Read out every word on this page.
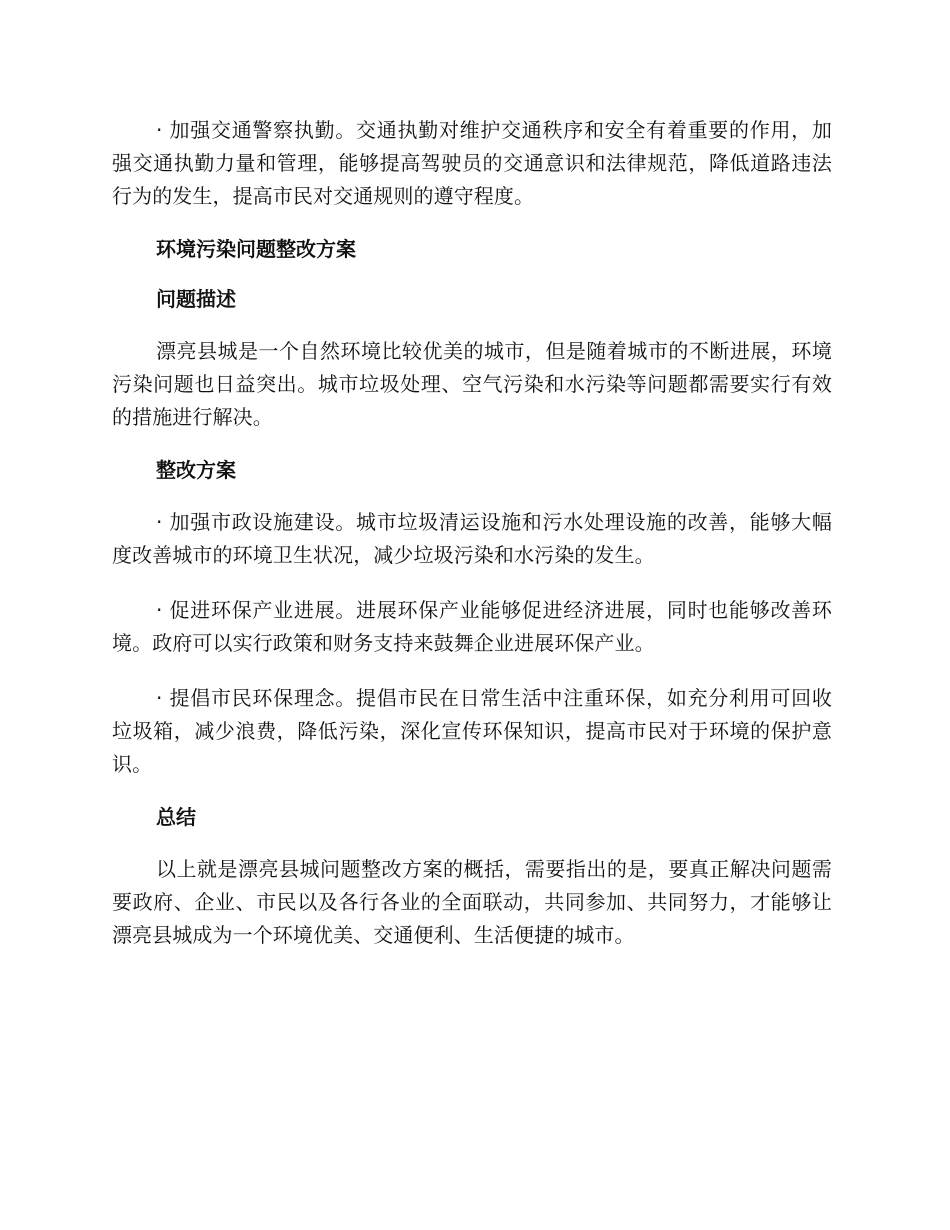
· 加强交通警察执勤。交通执勤对维护交通秩序和安全有着重要的作用，加强交通执勤力量和管理，能够提高驾驶员的交通意识和法律规范，降低道路违法行为的发生，提高市民对交通规则的遵守程度。

环境污染问题整改方案

问题描述

漂亮县城是一个自然环境比较优美的城市，但是随着城市的不断进展，环境污染问题也日益突出。城市垃圾处理、空气污染和水污染等问题都需要实行有效的措施进行解决。

整改方案

· 加强市政设施建设。城市垃圾清运设施和污水处理设施的改善，能够大幅度改善城市的环境卫生状况，减少垃圾污染和水污染的发生。

· 促进环保产业进展。进展环保产业能够促进经济进展，同时也能够改善环境。政府可以实行政策和财务支持来鼓舞企业进展环保产业。

· 提倡市民环保理念。提倡市民在日常生活中注重环保，如充分利用可回收垃圾箱，减少浪费，降低污染，深化宣传环保知识，提高市民对于环境的保护意识。

总结

以上就是漂亮县城问题整改方案的概括，需要指出的是，要真正解决问题需要政府、企业、市民以及各行各业的全面联动，共同参加、共同努力，才能够让漂亮县城成为一个环境优美、交通便利、生活便捷的城市。
